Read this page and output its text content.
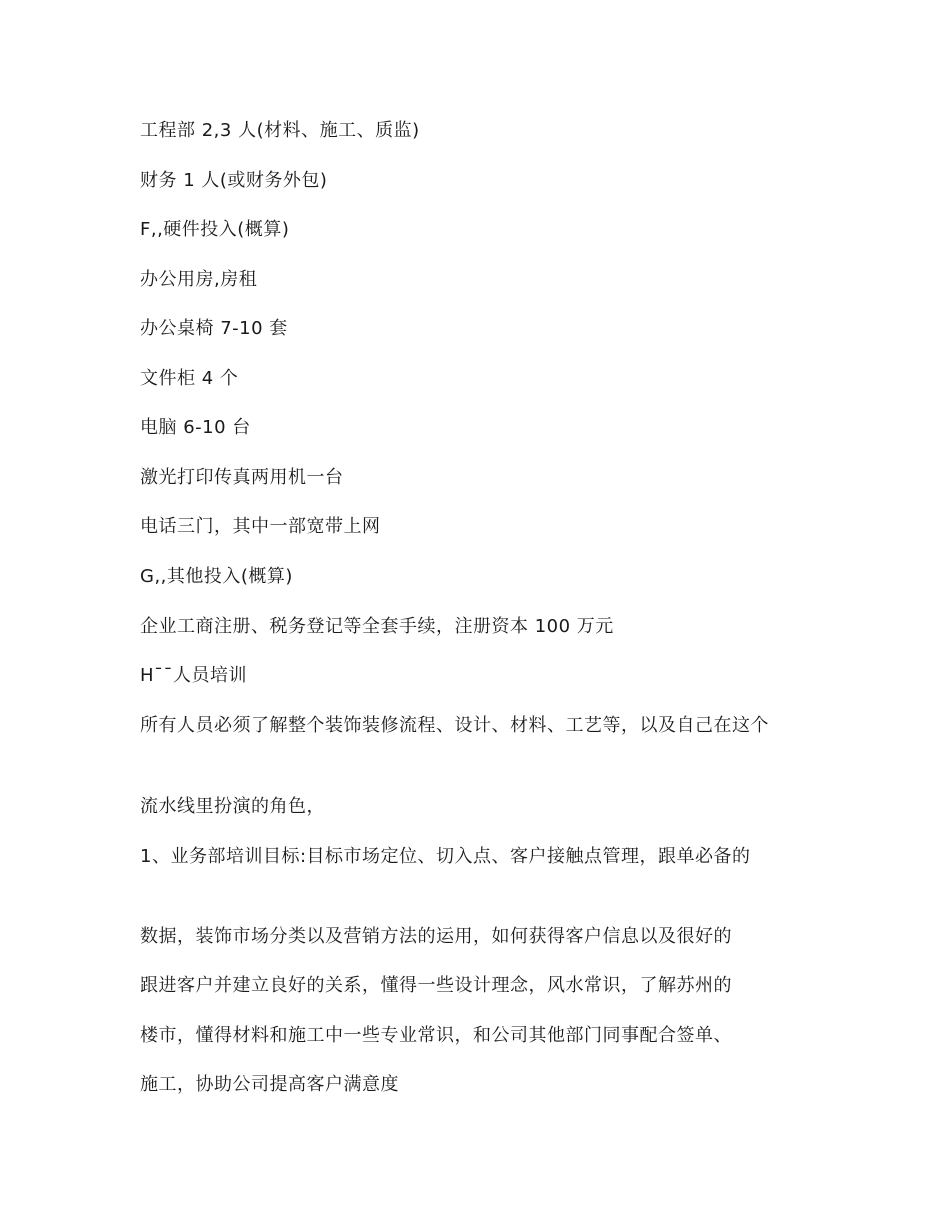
工程部 2,3 人(材料、施工、质监)
财务 1 人(或财务外包)
F,,硬件投入(概算)
办公用房,房租
办公桌椅 7-10 套
文件柜 4 个
电脑 6-10 台
激光打印传真两用机一台
电话三门，其中一部宽带上网
G,,其他投入(概算)
企业工商注册、税务登记等全套手续，注册资本 100 万元
H¯¯人员培训
所有人员必须了解整个装饰装修流程、设计、材料、工艺等，以及自己在这个
流水线里扮演的角色，
1、业务部培训目标:目标市场定位、切入点、客户接触点管理，跟单必备的
数据，装饰市场分类以及营销方法的运用，如何获得客户信息以及很好的
跟进客户并建立良好的关系，懂得一些设计理念，风水常识，了解苏州的
楼市，懂得材料和施工中一些专业常识，和公司其他部门同事配合签单、
施工，协助公司提高客户满意度
